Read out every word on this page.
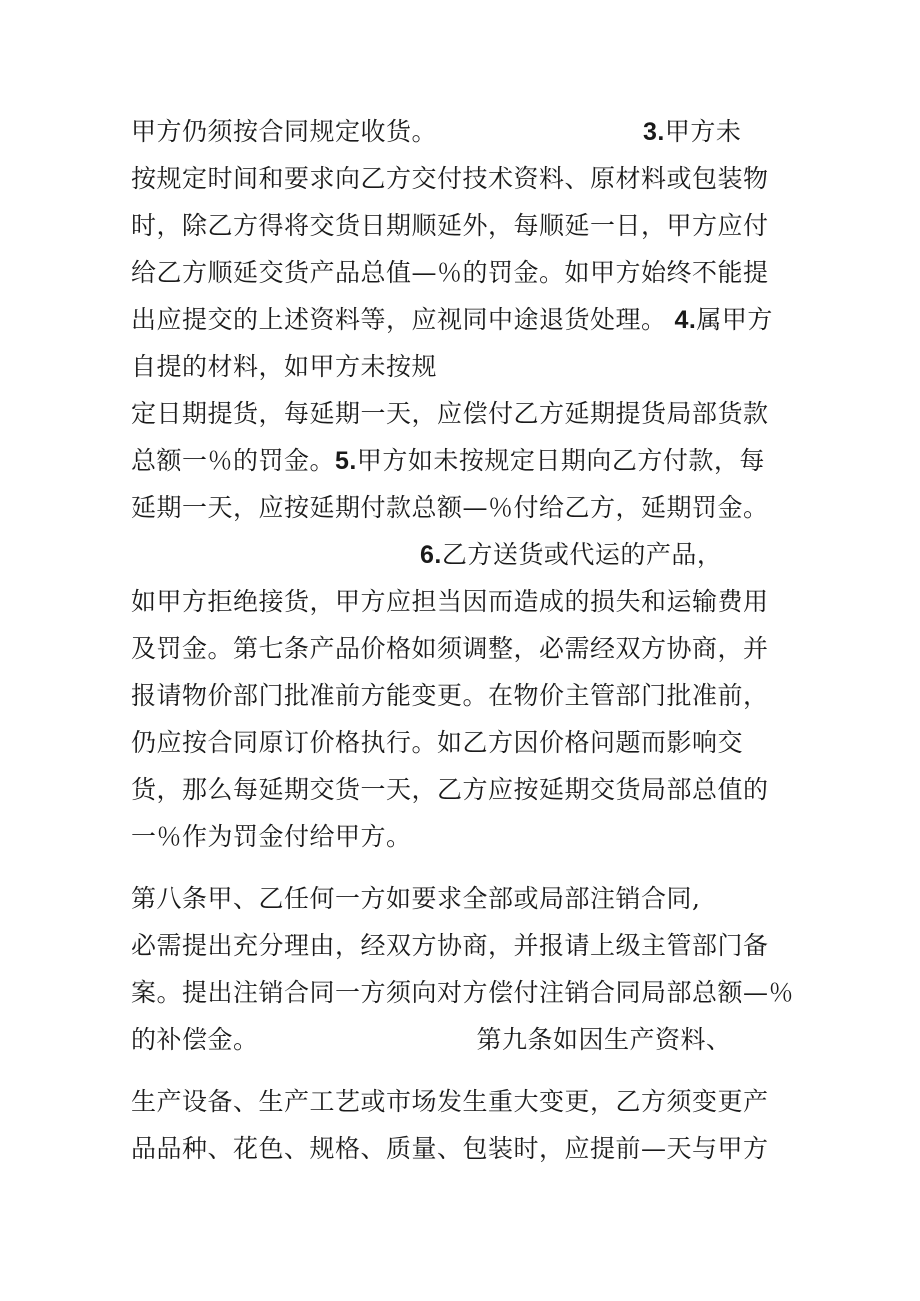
甲方仍须按合同规定收货。	3.甲方未
按规定时间和要求向乙方交付技术资料、原材料或包装物
时，除乙方得将交货日期顺延外，每顺延一日，甲方应付
给乙方顺延交货产品总值—％的罚金。如甲方始终不能提
出应提交的上述资料等，应视同中途退货处理。 4.属甲方
自提的材料，如甲方未按规
定日期提货，每延期一天，应偿付乙方延期提货局部货款
总额一％的罚金。5.甲方如未按规定日期向乙方付款，每
延期一天，应按延期付款总额—％付给乙方，延期罚金。
6.乙方送货或代运的产品，
如甲方拒绝接货，甲方应担当因而造成的损失和运输费用
及罚金。第七条产品价格如须调整，必需经双方协商，并
报请物价部门批准前方能变更。在物价主管部门批准前，
仍应按合同原订价格执行。如乙方因价格问题而影响交
货，那么每延期交货一天，乙方应按延期交货局部总值的
一％作为罚金付给甲方。
第八条甲、乙任何一方如要求全部或局部注销合同,
必需提出充分理由，经双方协商，并报请上级主管部门备
案。提出注销合同一方须向对方偿付注销合同局部总额—％
的补偿金。	第九条如因生产资料、
生产设备、生产工艺或市场发生重大变更，乙方须变更产
品品种、花色、规格、质量、包装时，应提前—天与甲方
